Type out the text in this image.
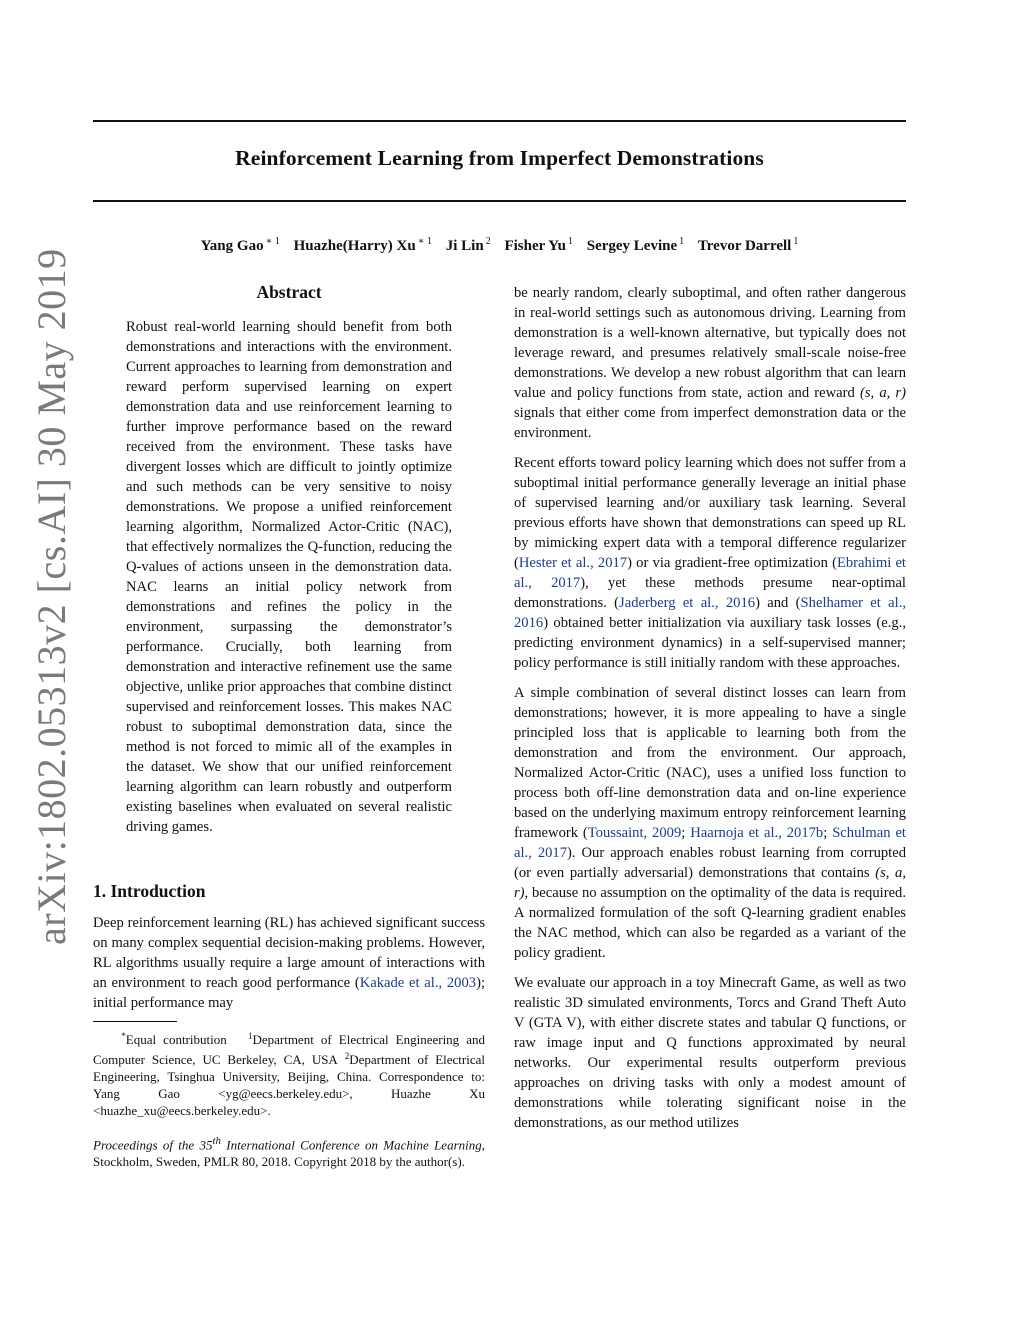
Reinforcement Learning from Imperfect Demonstrations
Yang Gao $^{∗ 1}$ Huazhe(Harry) Xu $^{∗ 1}$ Ji Lin $^2$ Fisher Yu $^1$ Sergey Levine $^1$ Trevor Darrell $^1$
arXiv:1802.05313v2 [cs.AI] 30 May 2019	Abstract

Robust real-world learning should benefit from both demonstrations and interactions with the environment. Current approaches to learning from demonstration and reward perform supervised learning on expert demonstration data and use reinforcement learning to further improve performance based on the reward received from the environment. These tasks have divergent losses which are difficult to jointly optimize and such methods can be very sensitive to noisy demonstrations. We propose a unified reinforcement learning algorithm, Normalized Actor-Critic (NAC), that effectively normalizes the Q-function, reducing the Q-values of actions unseen in the demonstration data. NAC learns an initial policy network from demonstrations and refines the policy in the environment, surpassing the demonstrator’s performance. Crucially, both learning from demonstration and interactive refinement use the same objective, unlike prior approaches that combine distinct supervised and reinforcement losses. This makes NAC robust to suboptimal demonstration data, since the method is not forced to mimic all of the examples in the dataset. We show that our unified reinforcement learning algorithm can learn robustly and outperform existing baselines when evaluated on several realistic driving games.

1. Introduction

Deep reinforcement learning (RL) has achieved significant success on many complex sequential decision-making problems. However, RL algorithms usually require a large amount of interactions with an environment to reach good performance (Kakade et al., 2003); initial performance may

*Equal contribution $^1$Department of Electrical Engineering and Computer Science, UC Berkeley, CA, USA $^2$Department of Electrical Engineering, Tsinghua University, Beijing, China. Correspondence to: Yang Gao <yg@eecs.berkeley.edu>, Huazhe Xu <huazhe_xu@eecs.berkeley.edu>.

Proceedings of the 35th International Conference on Machine Learning, Stockholm, Sweden, PMLR 80, 2018. Copyright 2018 by the author(s).

be nearly random, clearly suboptimal, and often rather dangerous in real-world settings such as autonomous driving. Learning from demonstration is a well-known alternative, but typically does not leverage reward, and presumes relatively small-scale noise-free demonstrations. We develop a new robust algorithm that can learn value and policy functions from state, action and reward (s, a, r) signals that either come from imperfect demonstration data or the environment.

Recent efforts toward policy learning which does not suffer from a suboptimal initial performance generally leverage an initial phase of supervised learning and/or auxiliary task learning. Several previous efforts have shown that demonstrations can speed up RL by mimicking expert data with a temporal difference regularizer (Hester et al., 2017) or via gradient-free optimization (Ebrahimi et al., 2017), yet these methods presume near-optimal demonstrations. (Jaderberg et al., 2016) and (Shelhamer et al., 2016) obtained better initialization via auxiliary task losses (e.g., predicting environment dynamics) in a self-supervised manner; policy performance is still initially random with these approaches.

A simple combination of several distinct losses can learn from demonstrations; however, it is more appealing to have a single principled loss that is applicable to learning both from the demonstration and from the environment. Our approach, Normalized Actor-Critic (NAC), uses a unified loss function to process both off-line demonstration data and on-line experience based on the underlying maximum entropy reinforcement learning framework (Toussaint, 2009; Haarnoja et al., 2017b; Schulman et al., 2017). Our approach enables robust learning from corrupted (or even partially adversarial) demonstrations that contains (s, a, r), because no assumption on the optimality of the data is required. A normalized formulation of the soft Q-learning gradient enables the NAC method, which can also be regarded as a variant of the policy gradient.

We evaluate our approach in a toy Minecraft Game, as well as two realistic 3D simulated environments, Torcs and Grand Theft Auto V (GTA V), with either discrete states and tabular Q functions, or raw image input and Q functions approximated by neural networks. Our experimental results outperform previous approaches on driving tasks with only a modest amount of demonstrations while tolerating significant noise in the demonstrations, as our method utilizes
